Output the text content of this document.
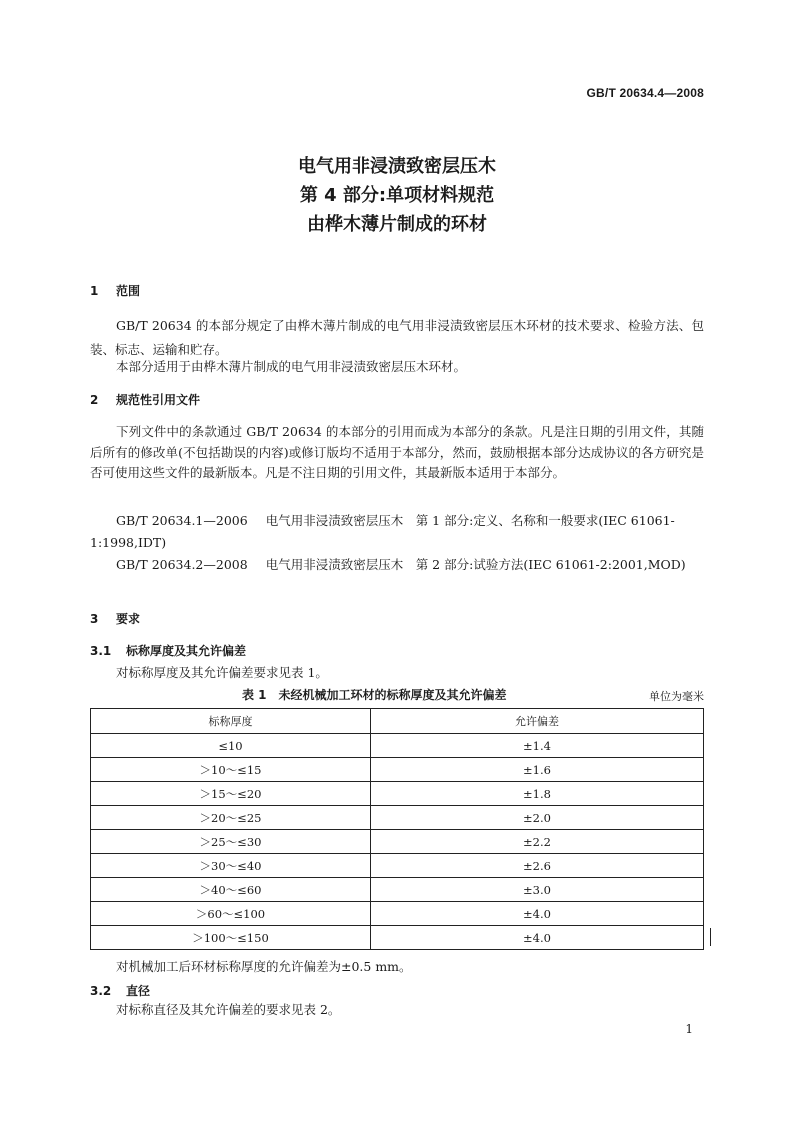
GB/T 20634.4—2008
电气用非浸渍致密层压木
第 4 部分:单项材料规范
由桦木薄片制成的环材
1 范围
GB/T 20634 的本部分规定了由桦木薄片制成的电气用非浸渍致密层压木环材的技术要求、检验方法、包装、标志、运输和贮存。
本部分适用于由桦木薄片制成的电气用非浸渍致密层压木环材。
2 规范性引用文件
下列文件中的条款通过 GB/T 20634 的本部分的引用而成为本部分的条款。凡是注日期的引用文件，其随后所有的修改单(不包括勘误的内容)或修订版均不适用于本部分，然而，鼓励根据本部分达成协议的各方研究是否可使用这些文件的最新版本。凡是不注日期的引用文件，其最新版本适用于本部分。
GB/T 20634.1—2006 电气用非浸渍致密层压木　第 1 部分:定义、名称和一般要求(IEC 61061-1:1998,IDT)
GB/T 20634.2—2008 电气用非浸渍致密层压木　第 2 部分:试验方法(IEC 61061-2:2001,MOD)
3 要求
3.1 标称厚度及其允许偏差
对标称厚度及其允许偏差要求见表 1。
表 1　未经机械加工环材的标称厚度及其允许偏差	单位为毫米
标称厚度	允许偏差
≤10	±1.4
＞10～≤15	±1.6
＞15～≤20	±1.8
＞20～≤25	±2.0
＞25～≤30	±2.2
＞30～≤40	±2.6
＞40～≤60	±3.0
＞60～≤100	±4.0
＞100～≤150	±4.0
对机械加工后环材标称厚度的允许偏差为±0.5 mm。
3.2 直径
对标称直径及其允许偏差的要求见表 2。
1
